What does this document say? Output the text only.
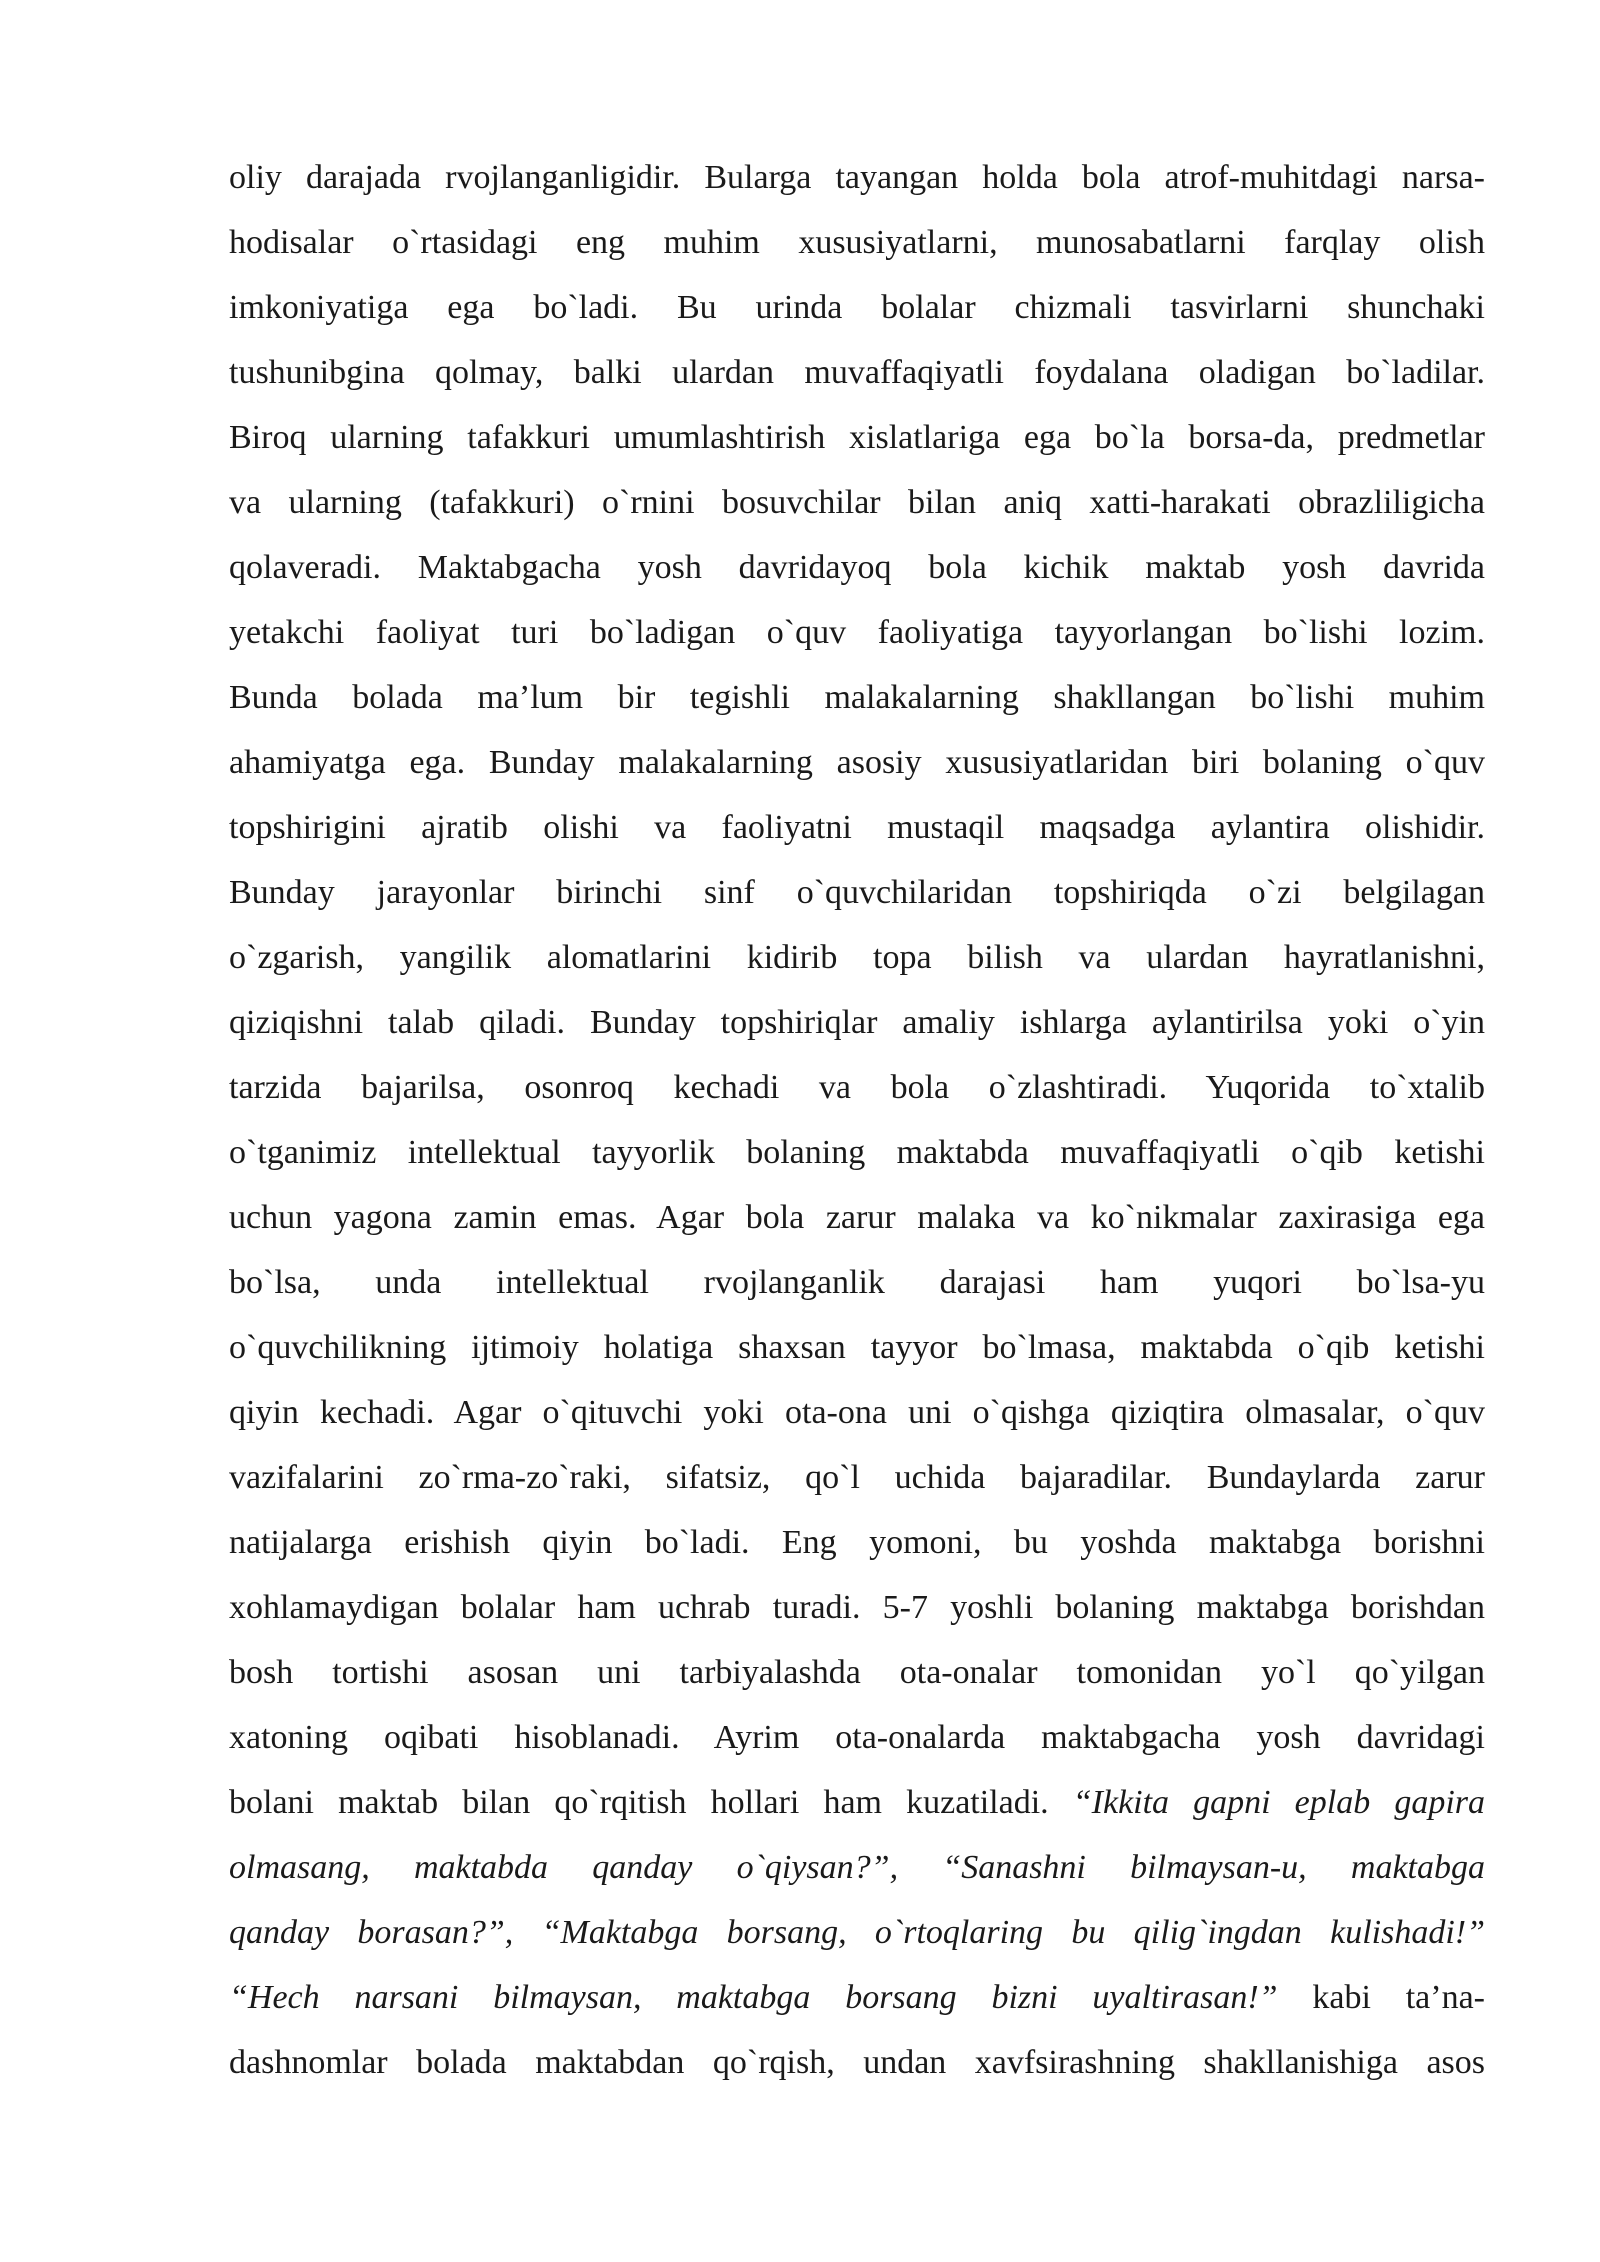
oliy darajada rvojlanganligidir. Bularga tayangan holda bola atrof-muhitdagi narsa-
hodisalar o`rtasidagi eng muhim xususiyatlarni, munosabatlarni farqlay olish
imkoniyatiga ega bo`ladi. Bu urinda bolalar chizmali tasvirlarni shunchaki
tushunibgina qolmay, balki ulardan muvaffaqiyatli foydalana oladigan bo`ladilar.
Biroq ularning tafakkuri umumlashtirish xislatlariga ega bo`la borsa-da, predmetlar
va ularning (tafakkuri) o`rnini bosuvchilar bilan aniq xatti-harakati obrazliligicha
qolaveradi. Maktabgacha yosh davridayoq bola kichik maktab yosh davrida
yetakchi faoliyat turi bo`ladigan o`quv faoliyatiga tayyorlangan bo`lishi lozim.
Bunda bolada ma’lum bir tegishli malakalarning shakllangan bo`lishi muhim
ahamiyatga ega. Bunday malakalarning asosiy xususiyatlaridan biri bolaning o`quv
topshirigini ajratib olishi va faoliyatni mustaqil maqsadga aylantira olishidir.
Bunday jarayonlar birinchi sinf o`quvchilaridan topshiriqda o`zi belgilagan
o`zgarish, yangilik alomatlarini kidirib topa bilish va ulardan hayratlanishni,
qiziqishni talab qiladi. Bunday topshiriqlar amaliy ishlarga aylantirilsa yoki o`yin
tarzida bajarilsa, osonroq kechadi va bola o`zlashtiradi. Yuqorida to`xtalib
o`tganimiz intellektual tayyorlik bolaning maktabda muvaffaqiyatli o`qib ketishi
uchun yagona zamin emas. Agar bola zarur malaka va ko`nikmalar zaxirasiga ega
bo`lsa, unda intellektual rvojlanganlik darajasi ham yuqori bo`lsa-yu
o`quvchilikning ijtimoiy holatiga shaxsan tayyor bo`lmasa, maktabda o`qib ketishi
qiyin kechadi. Agar o`qituvchi yoki ota-ona uni o`qishga qiziqtira olmasalar, o`quv
vazifalarini zo`rma-zo`raki, sifatsiz, qo`l uchida bajaradilar. Bundaylarda zarur
natijalarga erishish qiyin bo`ladi. Eng yomoni, bu yoshda maktabga borishni
xohlamaydigan bolalar ham uchrab turadi. 5-7 yoshli bolaning maktabga borishdan
bosh tortishi asosan uni tarbiyalashda ota-onalar tomonidan yo`l qo`yilgan
xatoning oqibati hisoblanadi. Ayrim ota-onalarda maktabgacha yosh davridagi
bolani maktab bilan qo`rqitish hollari ham kuzatiladi. “Ikkita gapni eplab gapira
olmasang, maktabda qanday o`qiysan?”, “Sanashni bilmaysan-u, maktabga
qanday borasan?”, “Maktabga borsang, o`rtoqlaring bu qilig`ingdan kulishadi!”
“Hech narsani bilmaysan, maktabga borsang bizni uyaltirasan!” kabi ta’na-
dashnomlar bolada maktabdan qo`rqish, undan xavfsirashning shakllanishiga asos
